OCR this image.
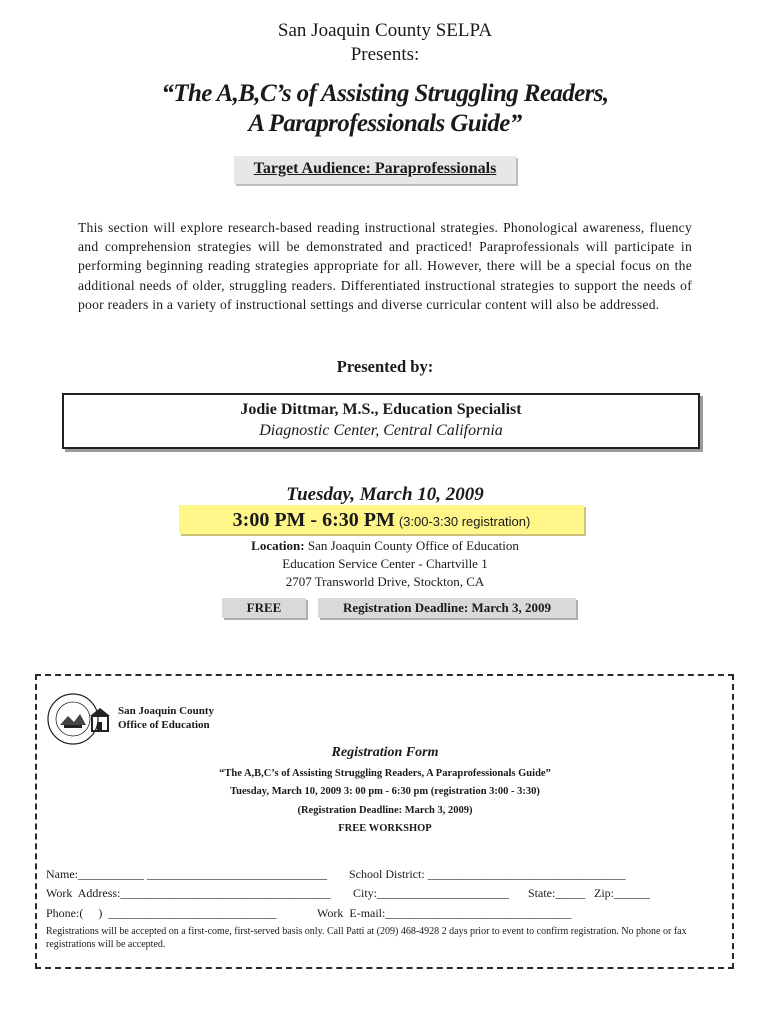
San Joaquin County SELPA
Presents:
“The A,B,C’s of Assisting Struggling Readers,
A Paraprofessionals Guide”
Target Audience: Paraprofessionals
This section will explore research-based reading instructional strategies. Phonological awareness, fluency and comprehension strategies will be demonstrated and practiced! Paraprofessionals will participate in performing beginning reading strategies appropriate for all. However, there will be a special focus on the additional needs of older, struggling readers. Differentiated instructional strategies to support the needs of poor readers in a variety of instructional settings and diverse curricular content will also be addressed.
Presented by:
Jodie Dittmar, M.S., Education Specialist
Diagnostic Center, Central California
Tuesday, March 10, 2009
3:00 PM - 6:30 PM (3:00-3:30 registration)
Location: San Joaquin County Office of Education
Education Service Center - Chartville 1
2707 Transworld Drive, Stockton, CA
FREE	Registration Deadline: March 3, 2009
San Joaquin County
Office of Education
Registration Form
“The A,B,C’s of Assisting Struggling Readers, A Paraprofessionals Guide”
Tuesday, March 10, 2009 3: 00 pm - 6:30 pm (registration 3:00 - 3:30)
(Registration Deadline: March 3, 2009)
FREE WORKSHOP
Name:___________ ______________________________ School District: _________________________________
Work  Address:___________________________________ City:______________________ State:_____ Zip:______
Phone:(     )  ____________________________	Work  E-mail:_______________________________
Registrations will be accepted on a first-come, first-served basis only. Call Patti at (209) 468-4928 2 days prior to event to confirm registration. No phone or fax registrations will be accepted.
